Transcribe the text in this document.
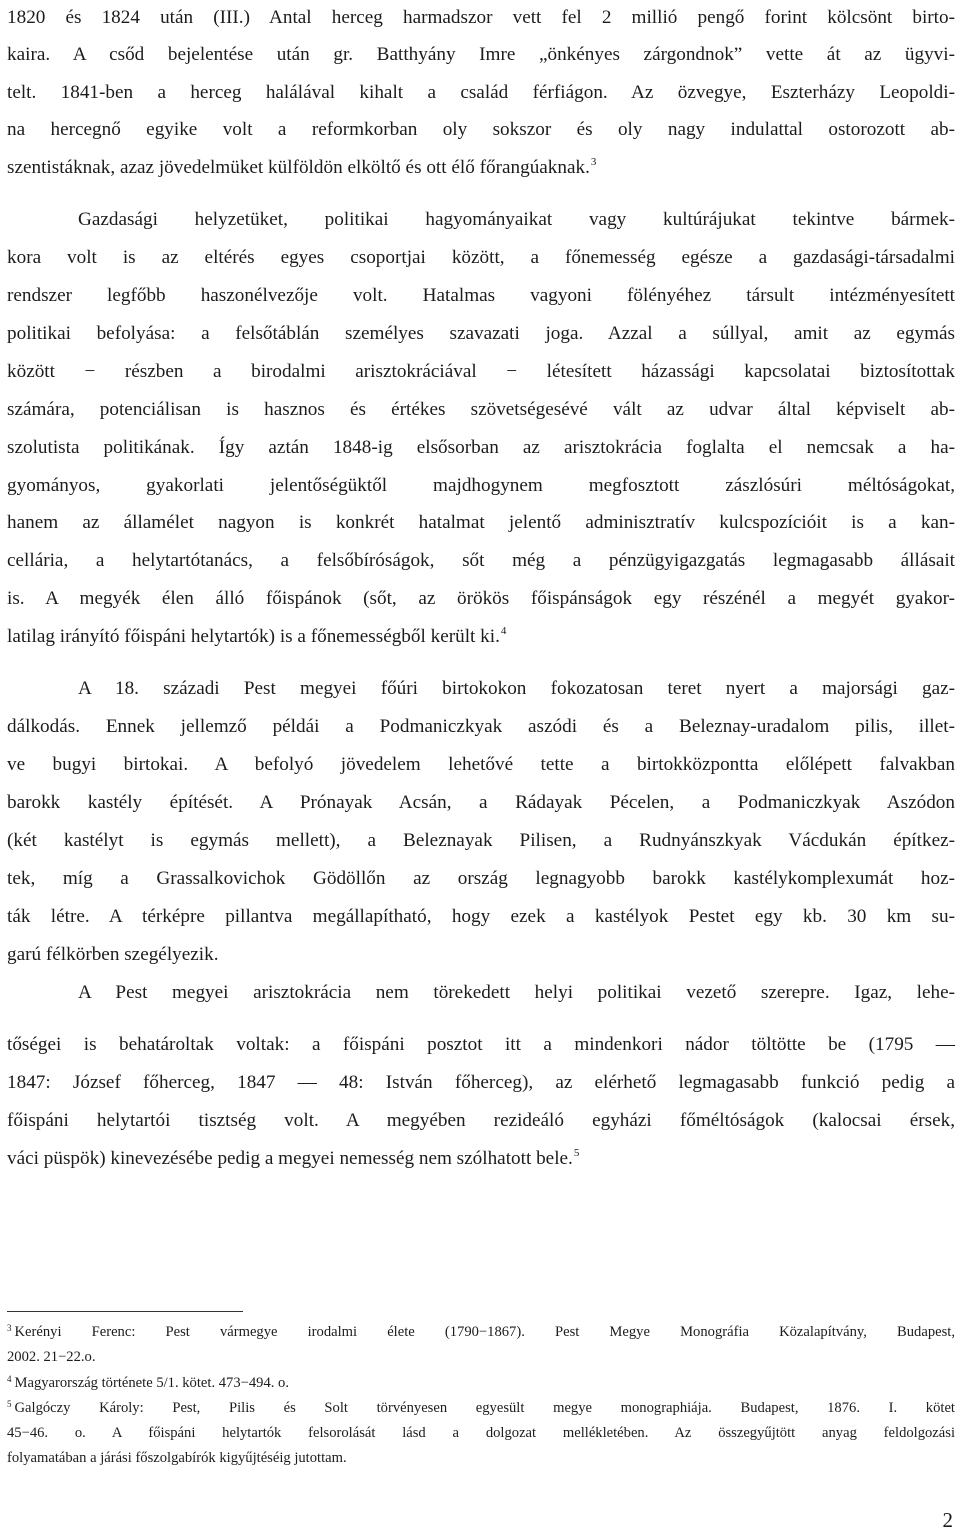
1820 és 1824 után (III.) Antal herceg harmadszor vett fel 2 millió pengő forint kölcsönt birto-
kaira. A csőd bejelentése után gr. Batthyány Imre „önkényes zárgondnok” vette át az ügyvi-
telt. 1841-ben a herceg halálával kihalt a család férfiágon. Az özvegye, Eszterházy Leopoldi-
na hercegnő egyike volt a reformkorban oly sokszor és oly nagy indulattal ostorozott ab-
szentistáknak, azaz jövedelmüket külföldön elköltő és ott élő főrangúaknak.$^3$
Gazdasági helyzetüket, politikai hagyományaikat vagy kultúrájukat tekintve bármek-
kora volt is az eltérés egyes csoportjai között, a főnemesség egésze a gazdasági-társadalmi
rendszer legfőbb haszonélvezője volt. Hatalmas vagyoni fölényéhez társult intézményesített
politikai befolyása: a felsőtáblán személyes szavazati joga. Azzal a súllyal, amit az egymás
között − részben a birodalmi arisztokráciával − létesített házassági kapcsolatai biztosítottak
számára, potenciálisan is hasznos és értékes szövetségesévé vált az udvar által képviselt ab-
szolutista politikának. Így aztán 1848-ig elsősorban az arisztokrácia foglalta el nemcsak a ha-
gyományos, gyakorlati jelentőségüktől majdhogynem megfosztott zászlósúri méltóságokat,
hanem az államélet nagyon is konkrét hatalmat jelentő adminisztratív kulcspozícióit is a kan-
cellária, a helytartótanács, a felsőbíróságok, sőt még a pénzügyigazgatás legmagasabb állásait
is. A megyék élen álló főispánok (sőt, az örökös főispánságok egy részénél a megyét gyakor-
latilag irányító főispáni helytartók) is a főnemességből került ki.$^4$
A 18. századi Pest megyei főúri birtokokon fokozatosan teret nyert a majorsági gaz-
dálkodás. Ennek jellemző példái a Podmaniczkyak aszódi és a Beleznay-uradalom pilis, illet-
ve bugyi birtokai. A befolyó jövedelem lehetővé tette a birtokközpontta előlépett falvakban
barokk kastély építését. A Prónayak Acsán, a Rádayak Pécelen, a Podmaniczkyak Aszódon
(két kastélyt is egymás mellett), a Beleznayak Pilisen, a Rudnyánszkyak Vácdukán építkez-
tek, míg a Grassalkovichok Gödöllőn az ország legnagyobb barokk kastélykomplexumát hoz-
ták létre. A térképre pillantva megállapítható, hogy ezek a kastélyok Pestet egy kb. 30 km su-
garú félkörben szegélyezik.
A Pest megyei arisztokrácia nem törekedett helyi politikai vezető szerepre. Igaz, lehe-
tőségei is behatároltak voltak: a főispáni posztot itt a mindenkori nádor töltötte be (1795 —
1847: József főherceg, 1847 — 48: István főherceg), az elérhető legmagasabb funkció pedig a
főispáni helytartói tisztség volt. A megyében rezideáló egyházi főméltóságok (kalocsai érsek,
váci püspök) kinevezésébe pedig a megyei nemesség nem szólhatott bele.$^5$
$^3$ Kerényi Ferenc: Pest vármegye irodalmi élete (1790−1867). Pest Megye Monográfia Közalapítvány, Budapest,
2002. 21−22.o.
$^4$ Magyarország története 5/1. kötet. 473−494. o.
$^5$ Galgóczy Károly: Pest, Pilis és Solt törvényesen egyesült megye monographiája. Budapest, 1876. I. kötet
45−46. o. A főispáni helytartók felsorolását lásd a dolgozat mellékletében. Az összegyűjtött anyag feldolgozási
folyamatában a járási főszolgabírók kigyűjtéséig jutottam.
2
